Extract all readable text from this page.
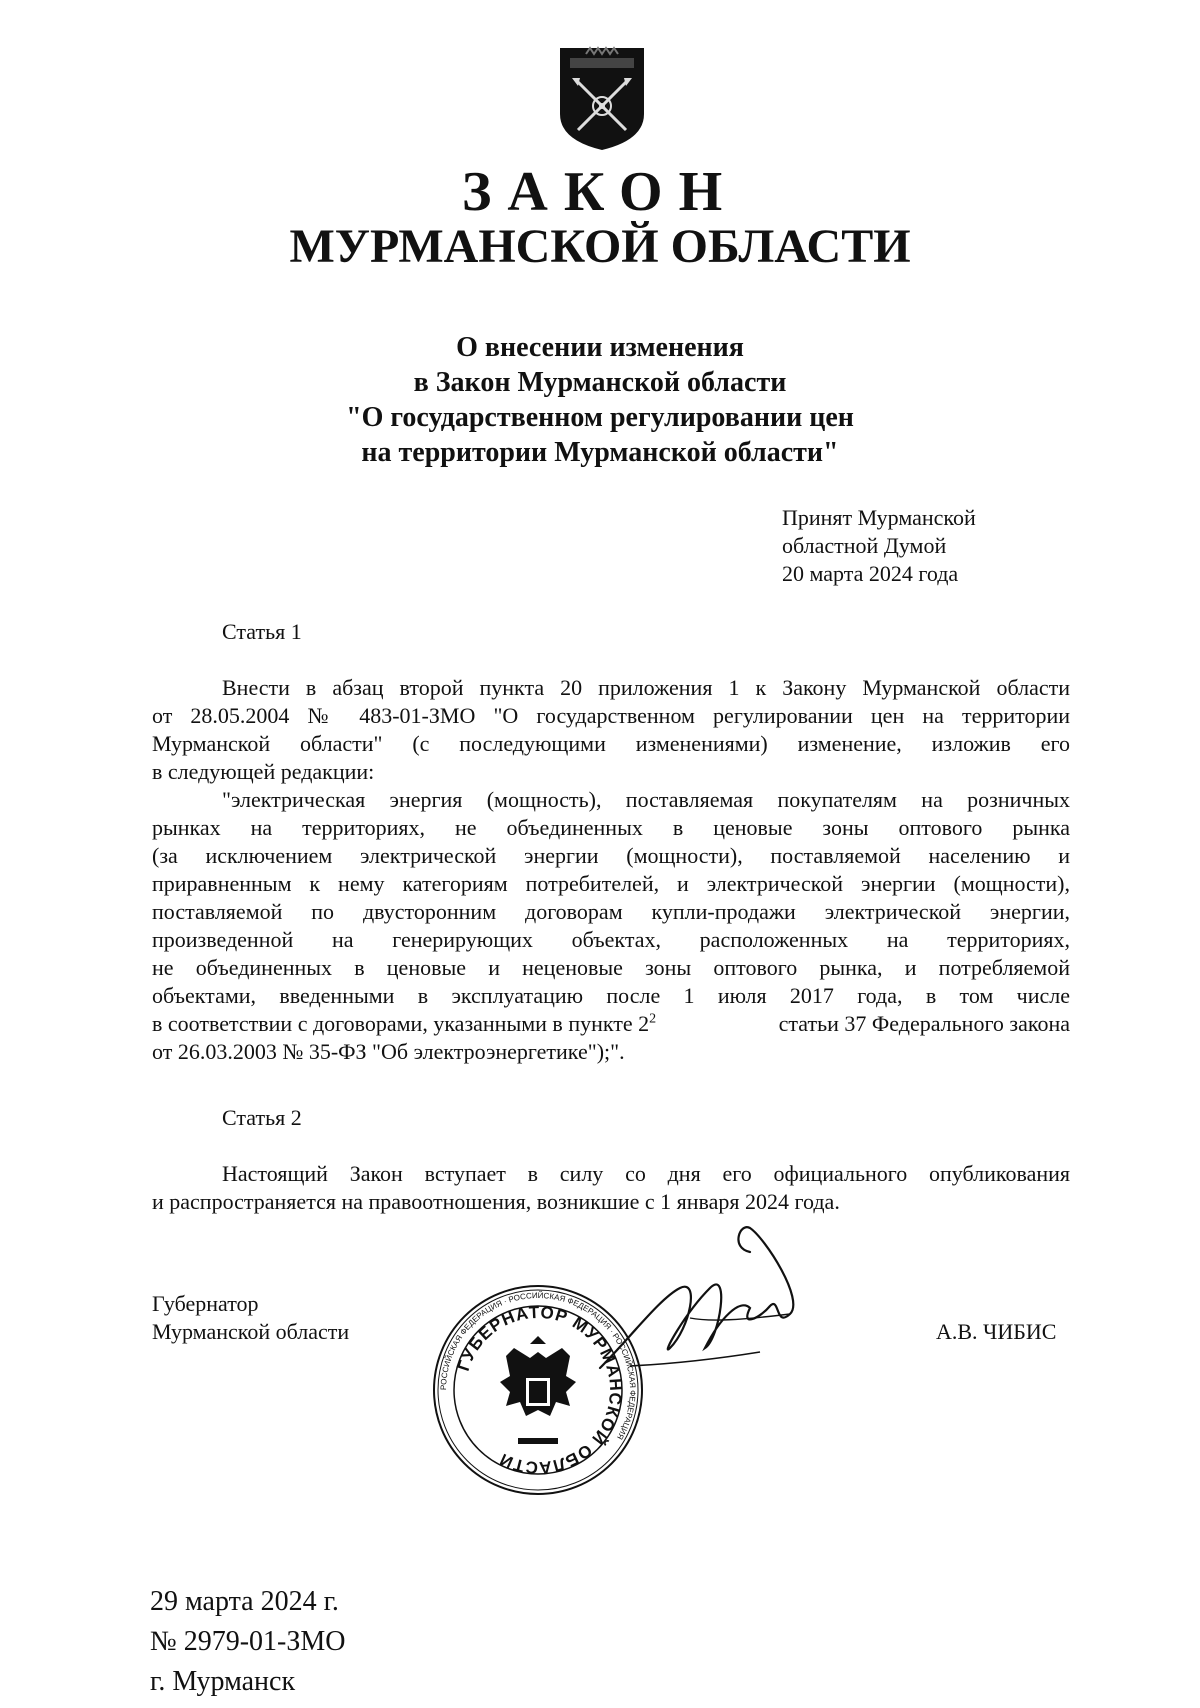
ЗАКОН
МУРМАНСКОЙ ОБЛАСТИ
О внесении изменения
в Закон Мурманской области
"О государственном регулировании цен
на территории Мурманской области"
Принят Мурманской
областной Думой
20 марта 2024 года
Статья 1
Внести в абзац второй пункта 20 приложения 1 к Закону Мурманской области
от 28.05.2004 № 483-01-ЗМО "О государственном регулировании цен на территории
Мурманской области" (с последующими изменениями) изменение, изложив его
в следующей редакции:
"электрическая энергия (мощность), поставляемая покупателям на розничных
рынках на территориях, не объединенных в ценовые зоны оптового рынка
(за исключением электрической энергии (мощности), поставляемой населению и
приравненным к нему категориям потребителей, и электрической энергии (мощности),
поставляемой по двусторонним договорам купли-продажи электрической энергии,
произведенной на генерирующих объектах, расположенных на территориях,
не объединенных в ценовые и неценовые зоны оптового рынка, и потребляемой
объектами, введенными в эксплуатацию после 1 июля 2017 года, в том числе
в соответствии с договорами, указанными в пункте $2^2$	статьи 37 Федерального закона
от 26.03.2003 № 35-ФЗ "Об электроэнергетике");".
Статья 2
Настоящий Закон вступает в силу со дня его официального опубликования
и распространяется на правоотношения, возникшие с 1 января 2024 года.
Губернатор
Мурманской области
РОССИЙСКАЯ ФЕДЕРАЦИЯ · РОССИЙСКАЯ ФЕДЕРАЦИЯ · РОССИЙСКАЯ ФЕДЕРАЦИЯ
ГУБЕРНАТОР МУРМАНСКОЙ ОБЛАСТИ
А.В. ЧИБИС
29 марта 2024 г.
№ 2979-01-ЗМО
г. Мурманск
